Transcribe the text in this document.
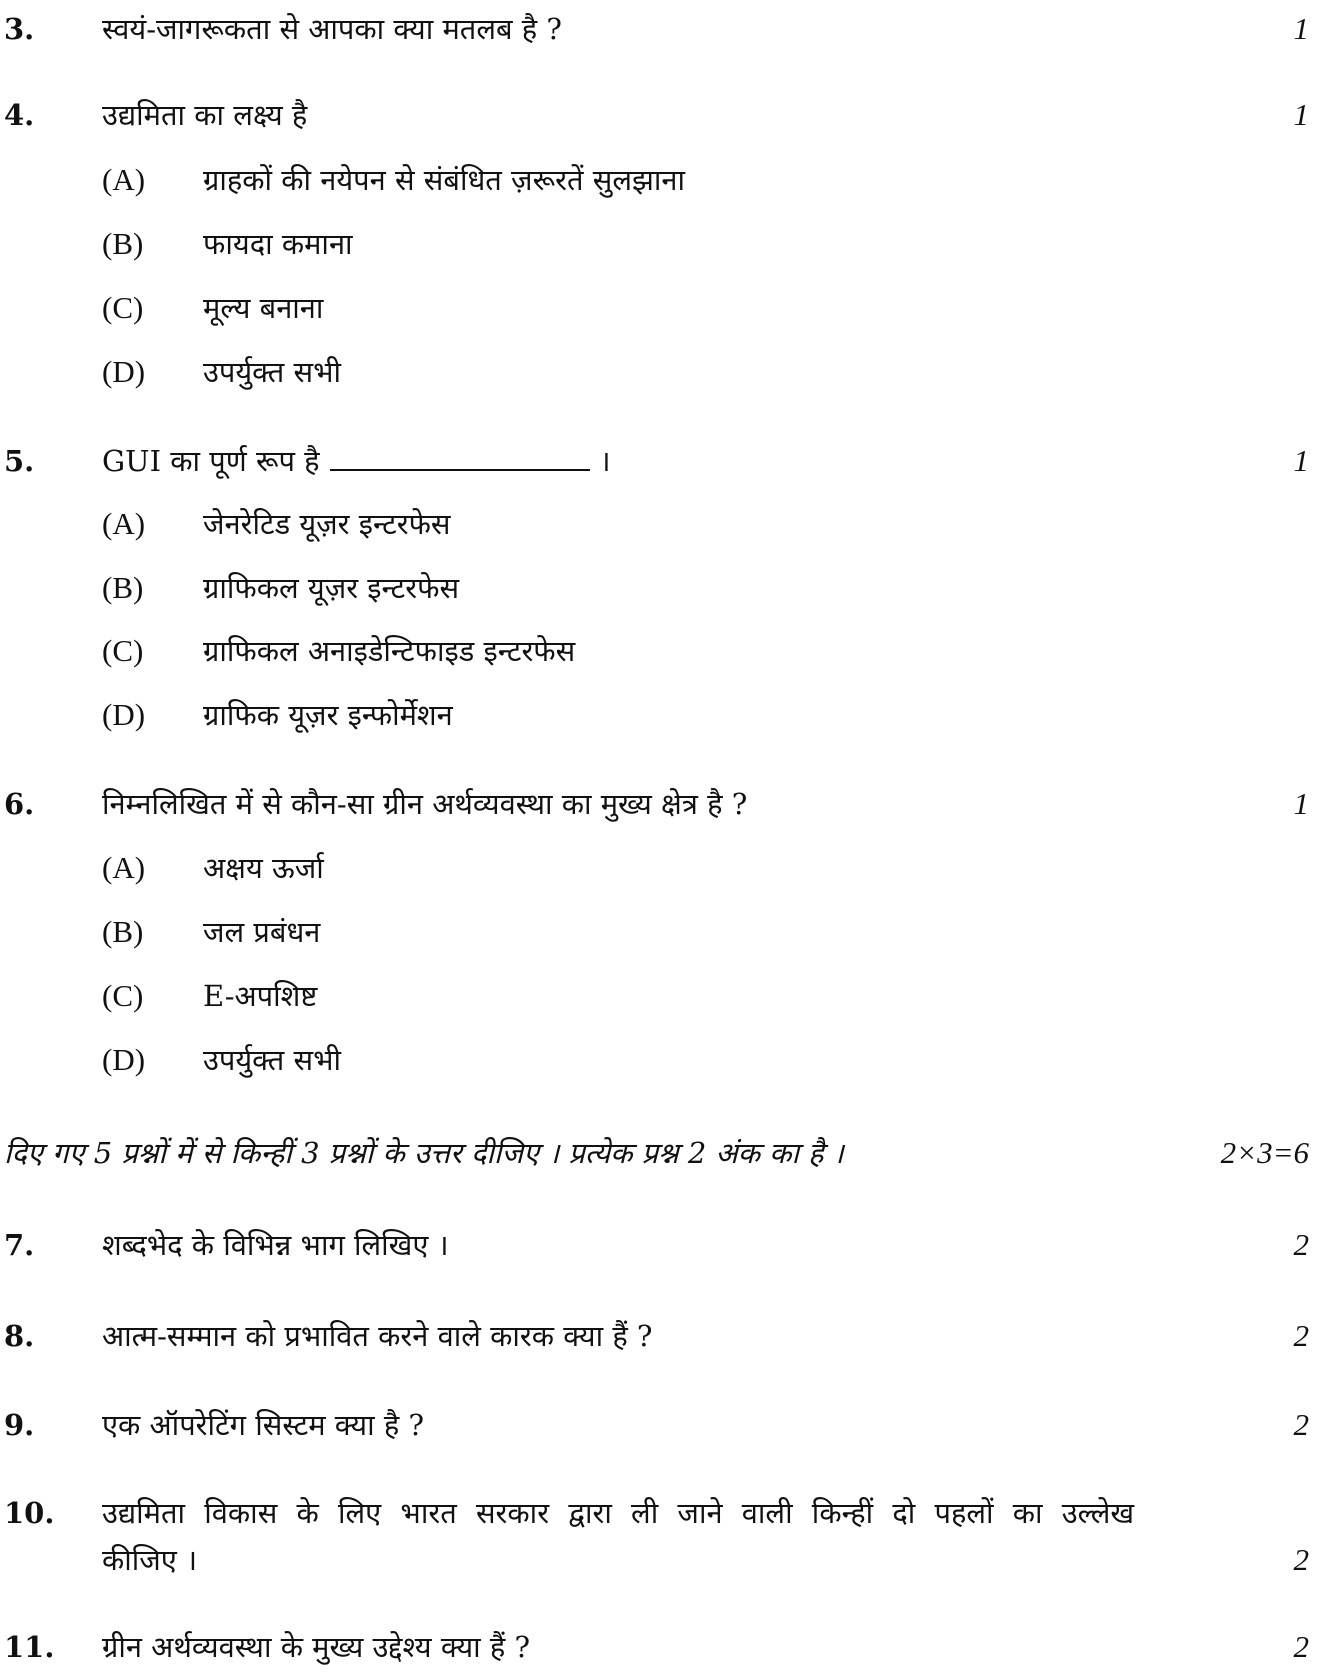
3. स्वयं-जागरूकता से आपका क्या मतलब है ?	1
4. उद्यमिता का लक्ष्य है	1
(A) ग्राहकों की नयेपन से संबंधित ज़रूरतें सुलझाना
(B) फायदा कमाना
(C) मूल्य बनाना
(D) उपर्युक्त सभी
5. GUI का पूर्ण रूप है	।	1
(A) जेनरेटिड यूज़र इन्टरफेस
(B) ग्राफिकल यूज़र इन्टरफेस
(C) ग्राफिकल अनाइडेन्टिफाइड इन्टरफेस
(D) ग्राफिक यूज़र इन्फोर्मेशन
6. निम्नलिखित में से कौन-सा ग्रीन अर्थव्यवस्था का मुख्य क्षेत्र है ?	1
(A) अक्षय ऊर्जा
(B) जल प्रबंधन
(C) E-अपशिष्ट
(D) उपर्युक्त सभी
दिए गए 5 प्रश्नों में से किन्हीं 3 प्रश्नों के उत्तर दीजिए । प्रत्येक प्रश्न 2 अंक का है ।	2×3=6
7. शब्दभेद के विभिन्न भाग लिखिए ।	2
8. आत्म-सम्मान को प्रभावित करने वाले कारक क्या हैं ?	2
9. एक ऑपरेटिंग सिस्टम क्या है ?	2
10. उद्यमिता विकास के लिए भारत सरकार द्वारा ली जाने वाली किन्हीं दो पहलों का उल्लेख
कीजिए ।	2
11. ग्रीन अर्थव्यवस्था के मुख्य उद्देश्य क्या हैं ?	2
